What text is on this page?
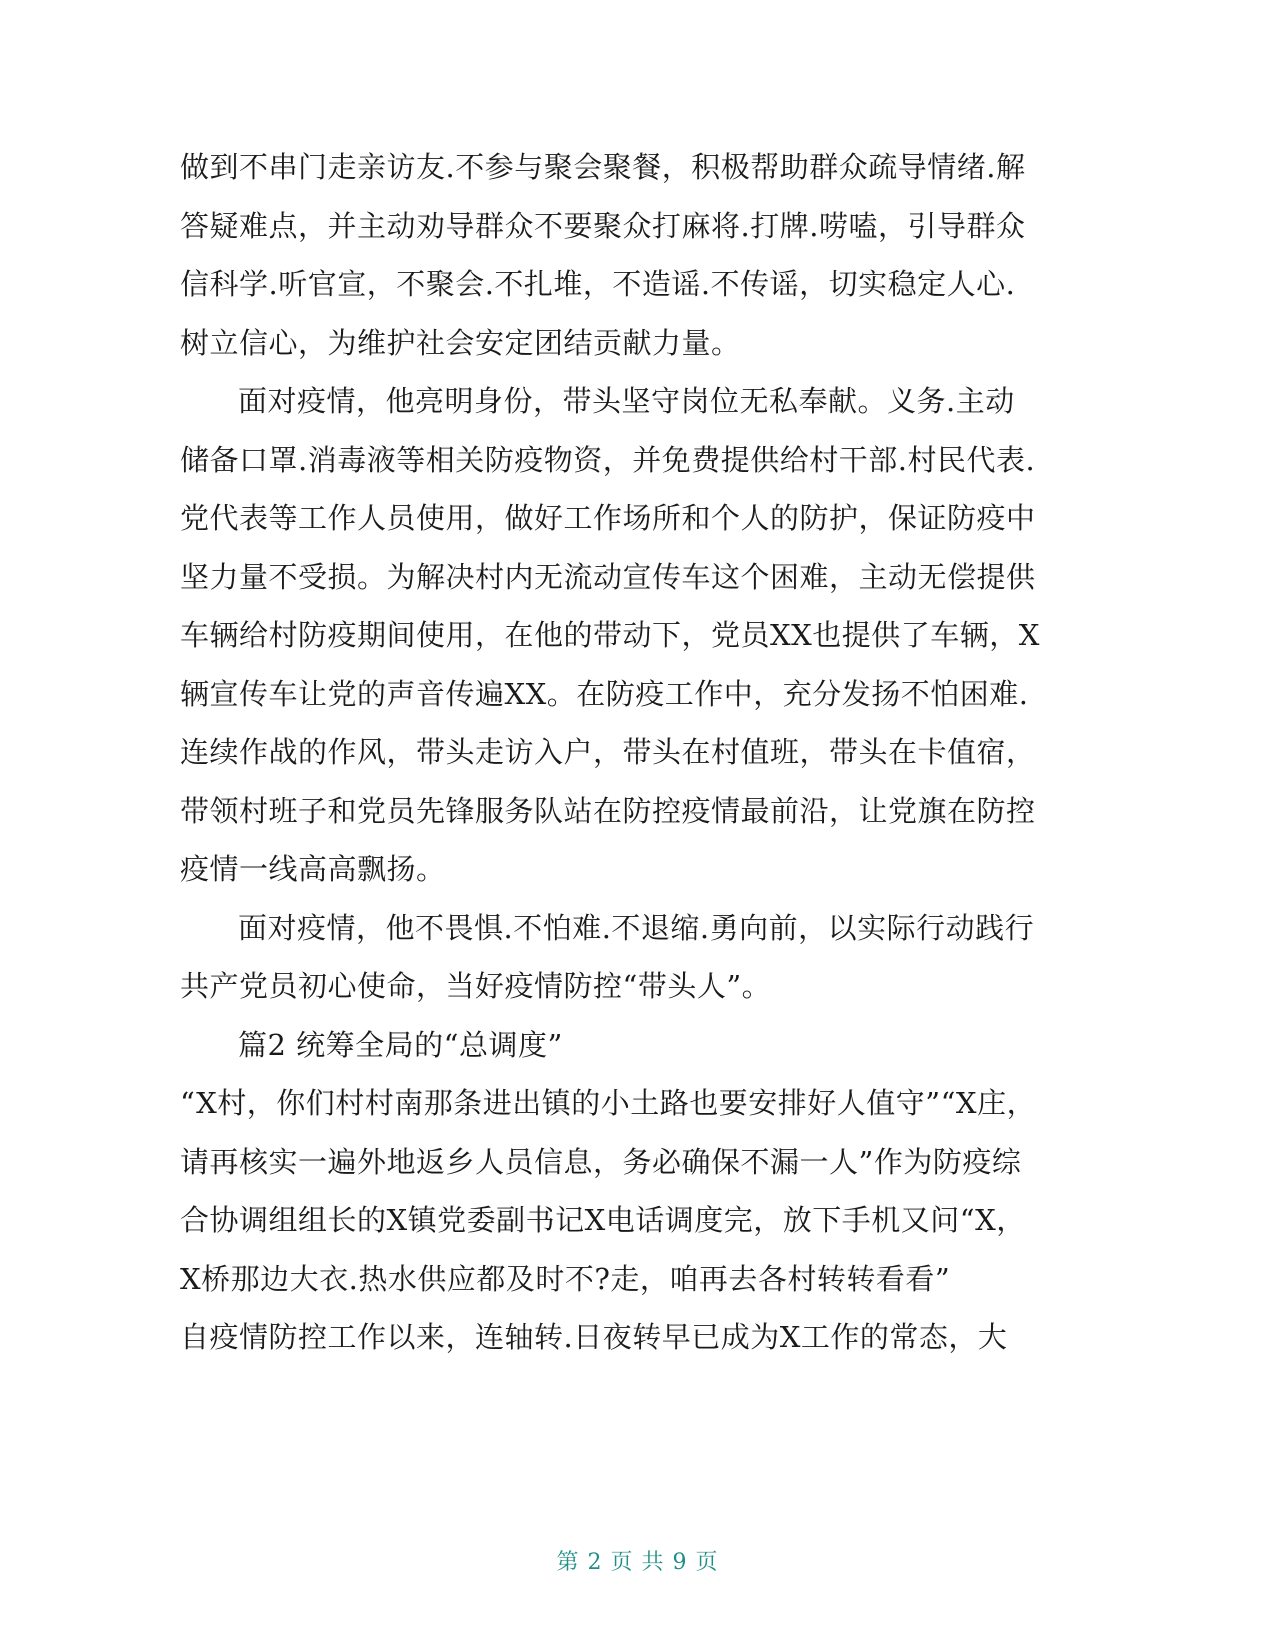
做到不串门走亲访友.不参与聚会聚餐，积极帮助群众疏导情绪.解答疑难点，并主动劝导群众不要聚众打麻将.打牌.唠嗑，引导群众信科学.听官宣，不聚会.不扎堆，不造谣.不传谣，切实稳定人心.树立信心，为维护社会安定团结贡献力量。

面对疫情，他亮明身份，带头坚守岗位无私奉献。义务.主动储备口罩.消毒液等相关防疫物资，并免费提供给村干部.村民代表.党代表等工作人员使用，做好工作场所和个人的防护，保证防疫中坚力量不受损。为解决村内无流动宣传车这个困难，主动无偿提供车辆给村防疫期间使用，在他的带动下，党员XX也提供了车辆，X辆宣传车让党的声音传遍XX。在防疫工作中，充分发扬不怕困难.连续作战的作风，带头走访入户，带头在村值班，带头在卡值宿，带领村班子和党员先锋服务队站在防控疫情最前沿，让党旗在防控疫情一线高高飘扬。

面对疫情，他不畏惧.不怕难.不退缩.勇向前，以实际行动践行共产党员初心使命，当好疫情防控“带头人”。

篇2 统筹全局的“总调度”

“X村，你们村村南那条进出镇的小土路也要安排好人值守”“X庄，请再核实一遍外地返乡人员信息，务必确保不漏一人”作为防疫综合协调组组长的X镇党委副书记X电话调度完，放下手机又问“X，X桥那边大衣.热水供应都及时不?走，咱再去各村转转看看”

自疫情防控工作以来，连轴转.日夜转早已成为X工作的常态，大

第 2 页 共 9 页
